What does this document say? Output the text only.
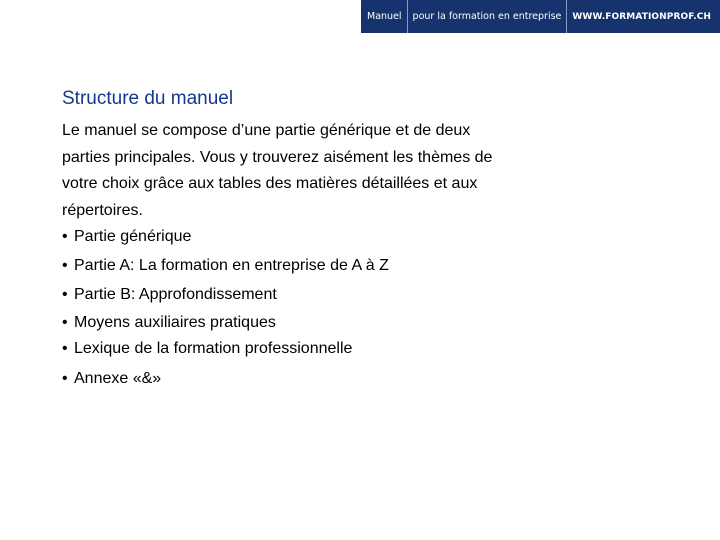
Manuel	pour la formation en entreprise	WWW.FORMATIONPROF.CH
Structure du manuel

Le manuel se compose d’une partie générique et de deux parties principales. Vous y trouverez aisément les thèmes de votre choix grâce aux tables des matières détaillées et aux répertoires.

• Partie générique

• Partie A: La formation en entreprise de A à Z

• Partie B: Approfondissement

• Moyens auxiliaires pratiques

• Lexique de la formation professionnelle

• Annexe «&»
